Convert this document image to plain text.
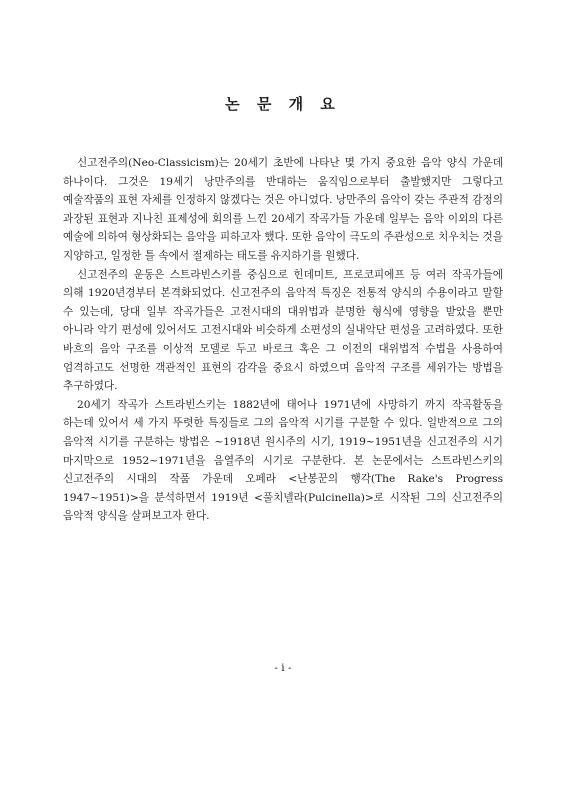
논 문 개 요

신고전주의(Neo-Classicism)는 20세기 초반에 나타난 몇 가지 중요한 음악 양식 가운데 하나이다. 그것은 19세기 낭만주의를 반대하는 움직임으로부터 출발했지만 그렇다고 예술작품의 표현 자체를 인정하지 않겠다는 것은 아니었다. 낭만주의 음악이 갖는 주관적 감정의 과장된 표현과 지나친 표제성에 회의를 느낀 20세기 작곡가들 가운데 일부는 음악 이외의 다른 예술에 의하여 형상화되는 음악을 피하고자 했다. 또한 음악이 극도의 주관성으로 치우치는 것을 지양하고, 일정한 틀 속에서 절제하는 태도를 유지하기를 원했다.

신고전주의 운동은 스트라빈스키를 중심으로 힌데미트, 프로코피에프 등 여러 작곡가들에 의해 1920년경부터 본격화되었다. 신고전주의 음악적 특징은 전통적 양식의 수용이라고 말할 수 있는데, 당대 일부 작곡가들은 고전시대의 대위법과 분명한 형식에 영향을 받았을 뿐만 아니라 악기 편성에 있어서도 고전시대와 비슷하게 소편성의 실내악단 편성을 고려하였다. 또한 바흐의 음악 구조를 이상적 모델로 두고 바로크 혹은 그 이전의 대위법적 수법을 사용하여 엄격하고도 선명한 객관적인 표현의 감각을 중요시 하였으며 음악적 구조를 세위가는 방법을 추구하였다.

20세기 작곡가 스트라빈스키는 1882년에 태어나 1971년에 사망하기 까지 작곡활동을 하는데 있어서 세 가지 뚜렷한 특징들로 그의 음악적 시기를 구분할 수 있다. 일반적으로 그의 음악적 시기를 구분하는 방법은 ~1918년 원시주의 시기, 1919~1951년을 신고전주의 시기 마지막으로 1952~1971년을 음열주의 시기로 구분한다. 본 논문에서는 스트라빈스키의 신고전주의 시대의 작품 가운데 오페라 <난봉꾼의 행각(The Rake's Progress 1947~1951)>을 분석하면서 1919년 <풀치넬라(Pulcinella)>로 시작된 그의 신고전주의 음악적 양식을 살펴보고자 한다.

- i -
